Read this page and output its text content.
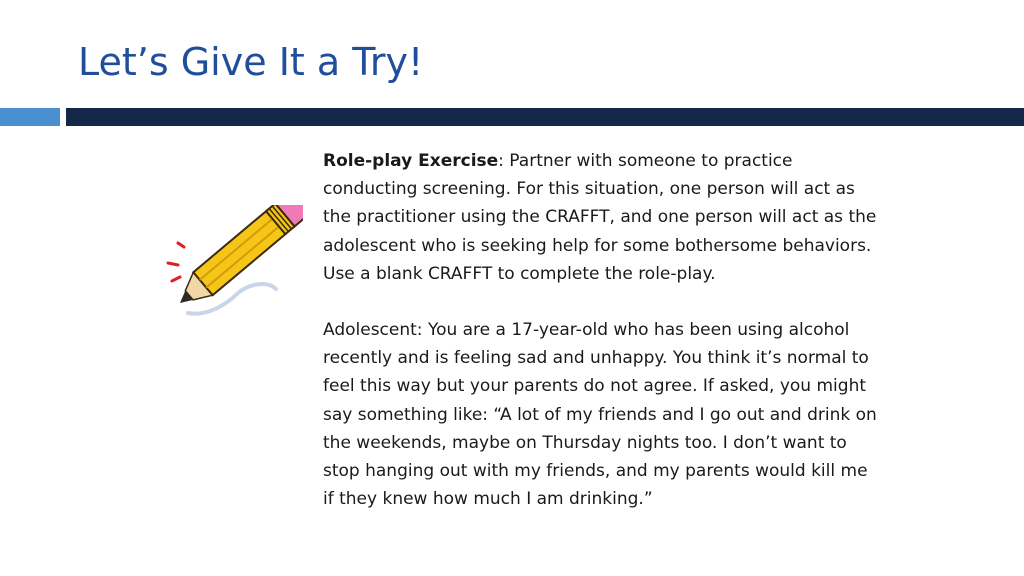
Let’s Give It a Try!

Role-play Exercise: Partner with someone to practice conducting screening. For this situation, one person will act as the practitioner using the CRAFFT, and one person will act as the adolescent who is seeking help for some bothersome behaviors. Use a blank CRAFFT to complete the role-play.

Adolescent: You are a 17-year-old who has been using alcohol recently and is feeling sad and unhappy. You think it’s normal to feel this way but your parents do not agree. If asked, you might say something like: “A lot of my friends and I go out and drink on the weekends, maybe on Thursday nights too. I don’t want to stop hanging out with my friends, and my parents would kill me if they knew how much I am drinking.”
